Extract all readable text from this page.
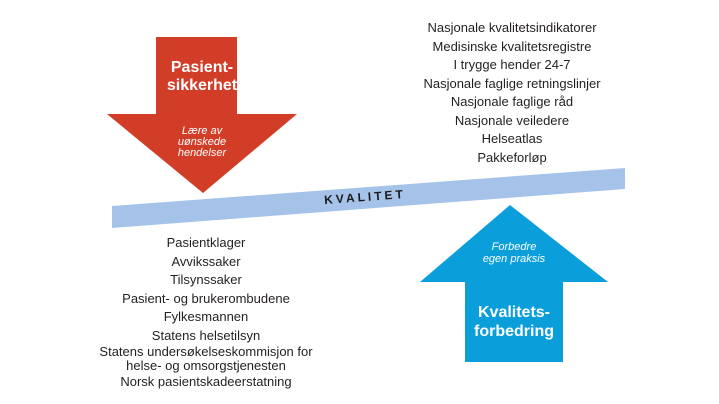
KVALITET
Pasient-
sikkerhet
Lære av
uønskede
hendelser
Forbedre
egen praksis
Kvalitets-
forbedring
Nasjonale kvalitetsindikatorer
Medisinske kvalitetsregistre
I trygge hender 24-7
Nasjonale faglige retningslinjer
Nasjonale faglige råd
Nasjonale veiledere
Helseatlas
Pakkeforløp
Pasientklager
Avvikssaker
Tilsynssaker
Pasient- og brukerombudene
Fylkesmannen
Statens helsetilsyn
Statens undersøkelseskommisjon for helse- og omsorgstjenesten
Norsk pasientskadeerstatning
